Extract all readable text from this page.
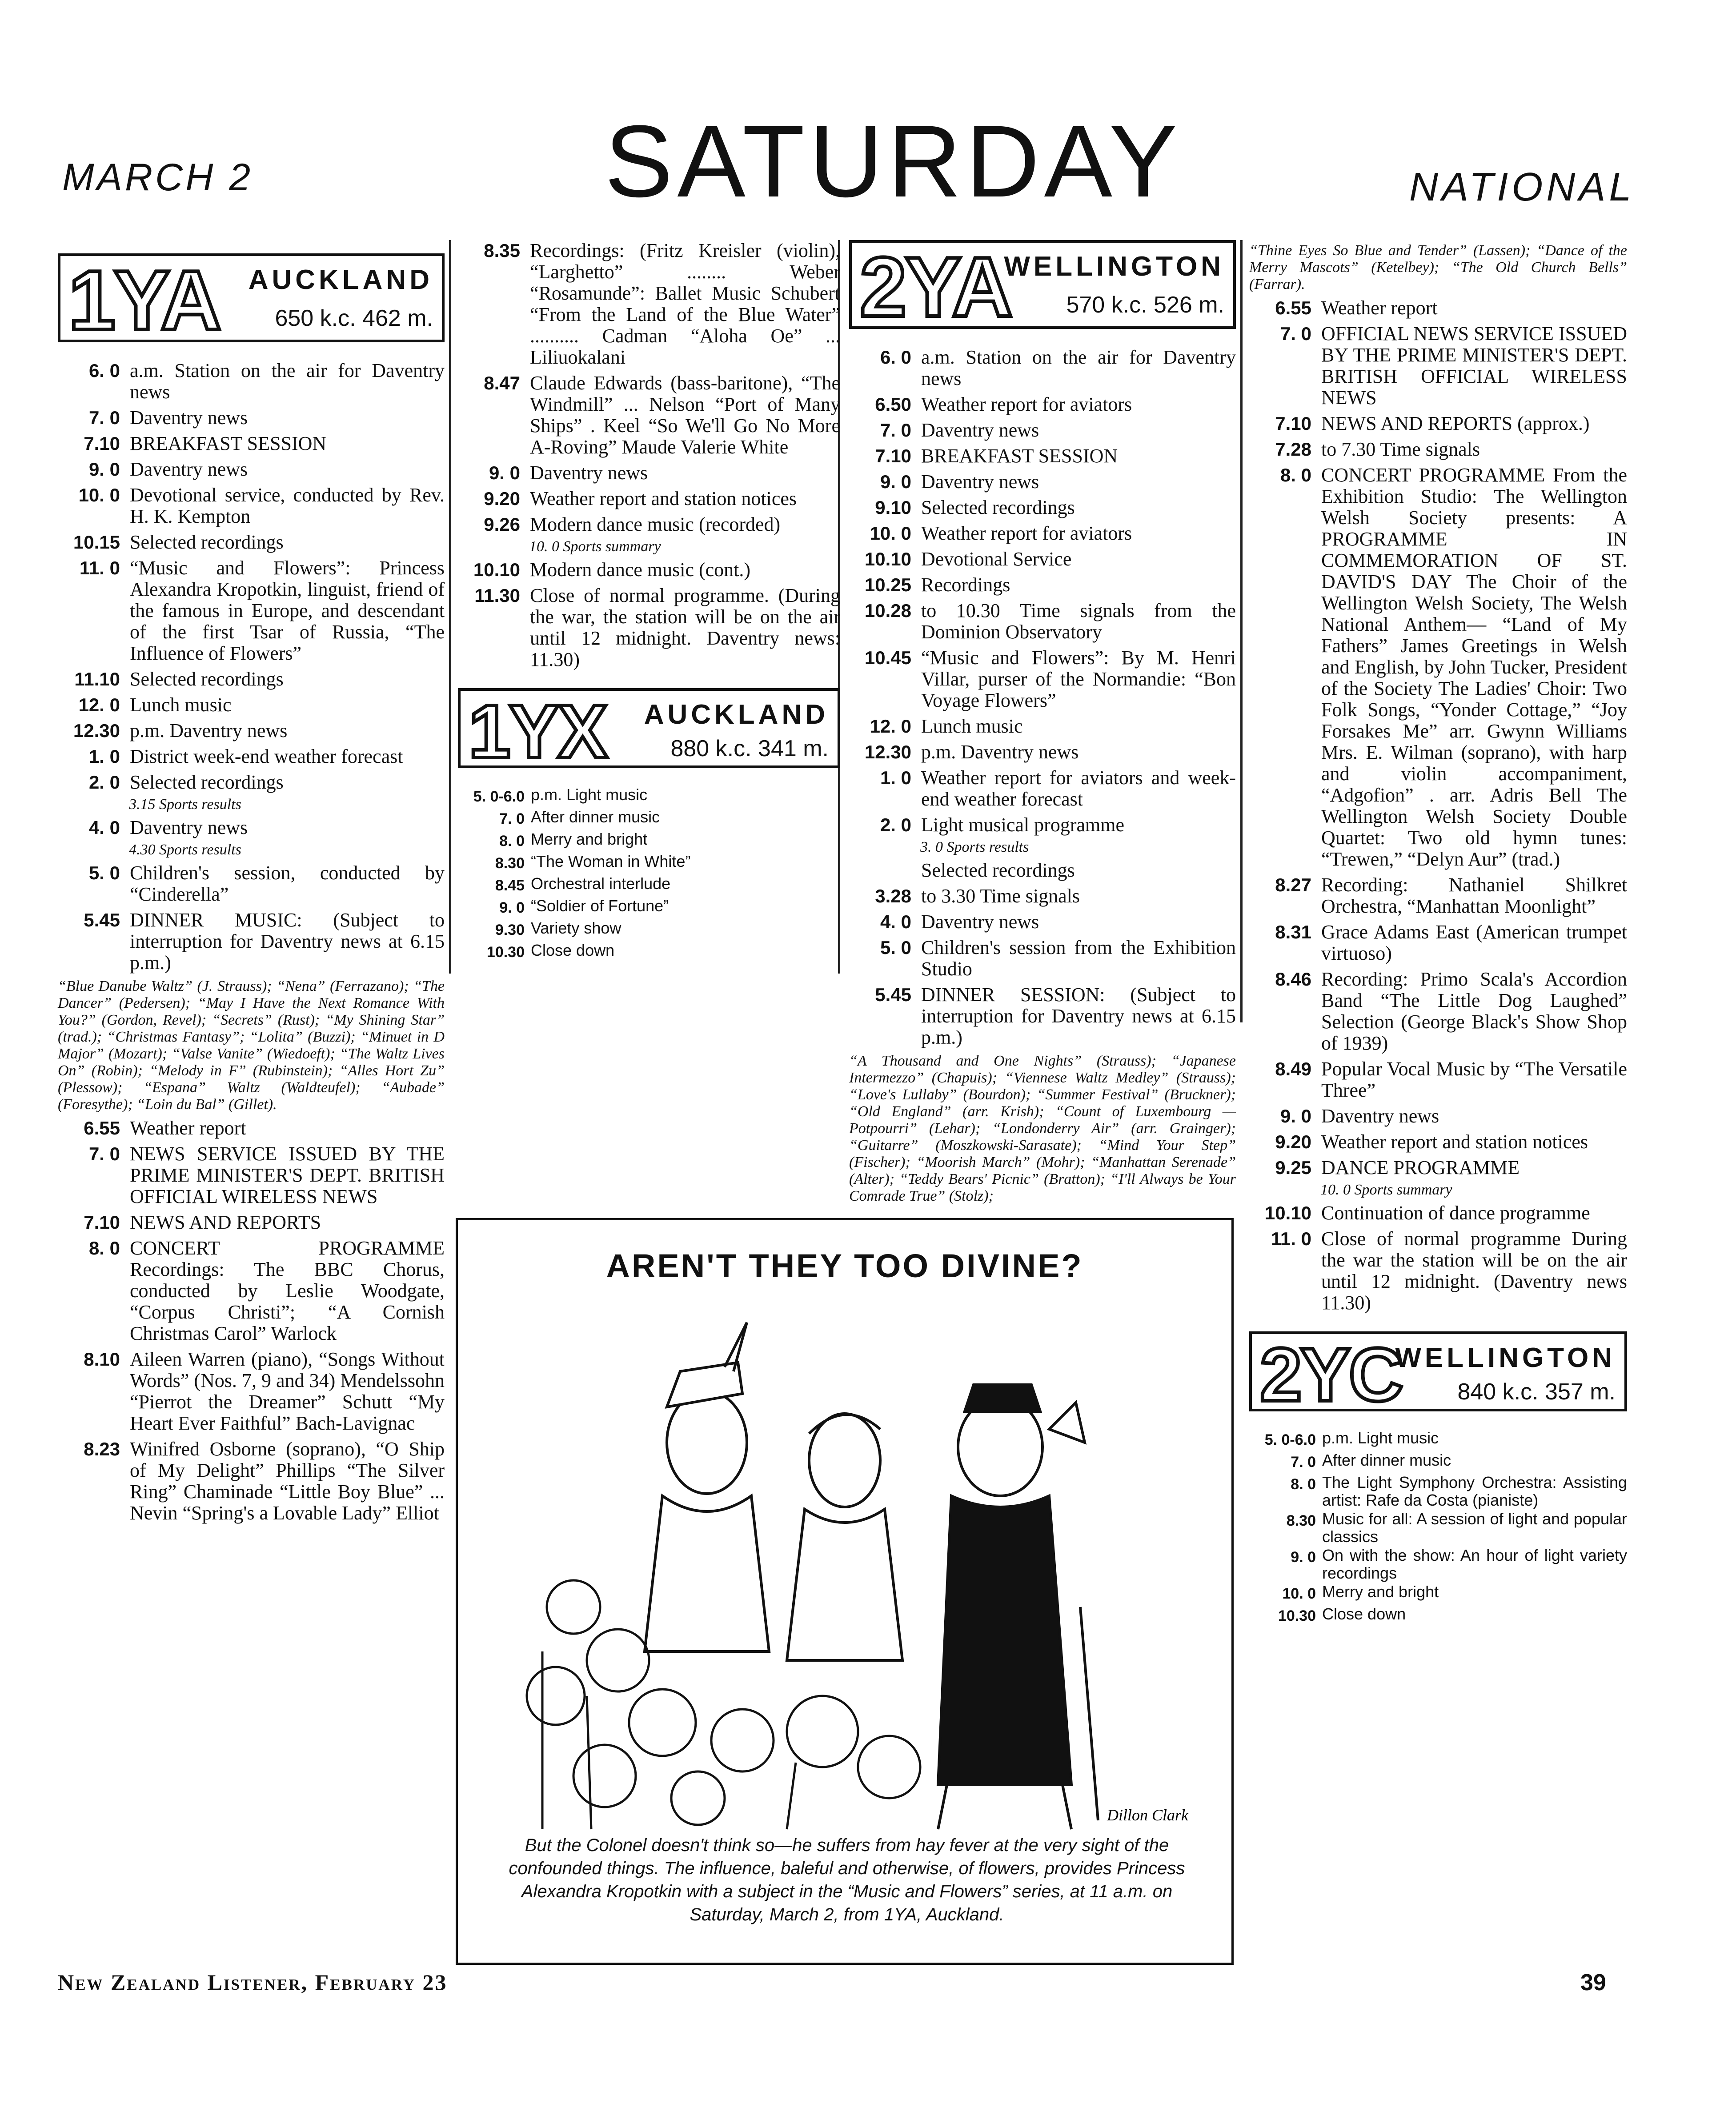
MARCH 2	SATURDAY	NATIONAL
1YA AUCKLAND
650 k.c. 462 m.
6. 0 a.m. Station on the air for Daventry news
7. 0 Daventry news
7.10 BREAKFAST SESSION
9. 0 Daventry news
10. 0 Devotional service, conducted by Rev. H. K. Kempton
10.15 Selected recordings
11. 0 “Music and Flowers”: Princess Alexandra Kropotkin, linguist, friend of the famous in Europe, and descendant of the first Tsar of Russia, “The Influence of Flowers”
11.10 Selected recordings
12. 0 Lunch music
12.30 p.m. Daventry news
1. 0 District week-end weather forecast
2. 0 Selected recordings
3.15 Sports results
4. 0 Daventry news
4.30 Sports results
5. 0 Children's session, conducted by “Cinderella”
5.45 DINNER MUSIC: (Subject to interruption for Daventry news at 6.15 p.m.)
“Blue Danube Waltz” (J. Strauss); “Nena” (Ferrazano); “The Dancer” (Pedersen); “May I Have the Next Romance With You?” (Gordon, Revel); “Secrets” (Rust); “My Shining Star” (trad.); “Christmas Fantasy”; “Lolita” (Buzzi); “Minuet in D Major” (Mozart); “Valse Vanite” (Wiedoeft); “The Waltz Lives On” (Robin); “Melody in F” (Rubinstein); “Alles Hort Zu” (Plessow); “Espana” Waltz (Waldteufel); “Aubade” (Foresythe); “Loin du Bal” (Gillet).
6.55 Weather report
7. 0 NEWS SERVICE ISSUED BY THE PRIME MINISTER'S DEPT. BRITISH OFFICIAL WIRELESS NEWS
7.10 NEWS AND REPORTS
8. 0 CONCERT PROGRAMME Recordings: The BBC Chorus, conducted by Leslie Woodgate, “Corpus Christi”; “A Cornish Christmas Carol” Warlock
8.10 Aileen Warren (piano), “Songs Without Words” (Nos. 7, 9 and 34) Mendelssohn “Pierrot the Dreamer” Schutt “My Heart Ever Faithful” Bach-Lavignac
8.23 Winifred Osborne (soprano), “O Ship of My Delight” Phillips “The Silver Ring” Chaminade “Little Boy Blue” ... Nevin “Spring's a Lovable Lady” Elliot
8.35 Recordings: (Fritz Kreisler (violin), “Larghetto” ........ Weber “Rosamunde”: Ballet Music Schubert “From the Land of the Blue Water” .......... Cadman “Aloha Oe” ... Liliuokalani
8.47 Claude Edwards (bass-baritone), “The Windmill” ... Nelson “Port of Many Ships” . Keel “So We'll Go No More A-Roving” Maude Valerie White
9. 0 Daventry news
9.20 Weather report and station notices
9.26 Modern dance music (recorded)
10. 0 Sports summary
10.10 Modern dance music (cont.)
11.30 Close of normal programme. (During the war, the station will be on the air until 12 midnight. Daventry news: 11.30)
1YX AUCKLAND
880 k.c. 341 m.
5. 0-6.0 p.m. Light music
7. 0 After dinner music
8. 0 Merry and bright
8.30 “The Woman in White”
8.45 Orchestral interlude
9. 0 “Soldier of Fortune”
9.30 Variety show
10.30 Close down
2YA
WELLINGTON
570 k.c. 526 m.
6. 0 a.m. Station on the air for Daventry news
6.50 Weather report for aviators
7. 0 Daventry news
7.10 BREAKFAST SESSION
9. 0 Daventry news
9.10 Selected recordings
10. 0 Weather report for aviators
10.10 Devotional Service
10.25 Recordings
10.28 to 10.30 Time signals from the Dominion Observatory
10.45 “Music and Flowers”: By M. Henri Villar, purser of the Normandie: “Bon Voyage Flowers”
12. 0 Lunch music
12.30 p.m. Daventry news
1. 0 Weather report for aviators and week-end weather forecast
2. 0 Light musical programme
3. 0 Sports results
Selected recordings
3.28 to 3.30 Time signals
4. 0 Daventry news
5. 0 Children's session from the Exhibition Studio
5.45 DINNER SESSION: (Subject to interruption for Daventry news at 6.15 p.m.)
“A Thousand and One Nights” (Strauss); “Japanese Intermezzo” (Chapuis); “Viennese Waltz Medley” (Strauss); “Love's Lullaby” (Bourdon); “Summer Festival” (Bruckner); “Old England” (arr. Krish); “Count of Luxembourg — Potpourri” (Lehar); “Londonderry Air” (arr. Grainger); “Guitarre” (Moszkowski-Sarasate); “Mind Your Step” (Fischer); “Moorish March” (Mohr); “Manhattan Serenade” (Alter); “Teddy Bears' Picnic” (Bratton); “I'll Always be Your Comrade True” (Stolz);
“Thine Eyes So Blue and Tender” (Lassen); “Dance of the Merry Mascots” (Ketelbey); “The Old Church Bells” (Farrar).
6.55 Weather report
7. 0 OFFICIAL NEWS SERVICE ISSUED BY THE PRIME MINISTER'S DEPT. BRITISH OFFICIAL WIRELESS NEWS
7.10 NEWS AND REPORTS (approx.)
7.28 to 7.30 Time signals
8. 0 CONCERT PROGRAMME From the Exhibition Studio: The Wellington Welsh Society presents: A PROGRAMME IN COMMEMORATION OF ST. DAVID'S DAY The Choir of the Wellington Welsh Society, The Welsh National Anthem— “Land of My Fathers” James Greetings in Welsh and English, by John Tucker, President of the Society The Ladies' Choir: Two Folk Songs, “Yonder Cottage,” “Joy Forsakes Me” arr. Gwynn Williams Mrs. E. Wilman (soprano), with harp and violin accompaniment, “Adgofion” . arr. Adris Bell The Wellington Welsh Society Double Quartet: Two old hymn tunes: “Trewen,” “Delyn Aur” (trad.)
8.27 Recording: Nathaniel Shilkret Orchestra, “Manhattan Moonlight”
8.31 Grace Adams East (American trumpet virtuoso)
8.46 Recording: Primo Scala's Accordion Band “The Little Dog Laughed” Selection (George Black's Show Shop of 1939)
8.49 Popular Vocal Music by “The Versatile Three”
9. 0 Daventry news
9.20 Weather report and station notices
9.25 DANCE PROGRAMME
10. 0 Sports summary
10.10 Continuation of dance programme
11. 0 Close of normal programme During the war the station will be on the air until 12 midnight. (Daventry news 11.30)
2YC
WELLINGTON
840 k.c. 357 m.
5. 0-6.0 p.m. Light music
7. 0 After dinner music
8. 0 The Light Symphony Orchestra: Assisting artist: Rafe da Costa (pianiste)
8.30 Music for all: A session of light and popular classics
9. 0 On with the show: An hour of light variety recordings
10. 0 Merry and bright
10.30 Close down
AREN'T THEY TOO DIVINE?
Dillon Clark
But the Colonel doesn't think so—he suffers from hay fever at the very sight of the confounded things. The influence, baleful and otherwise, of flowers, provides Princess Alexandra Kropotkin with a subject in the “Music and Flowers” series, at 11 a.m. on Saturday, March 2, from 1YA, Auckland.
New Zealand Listener, February 23	39
